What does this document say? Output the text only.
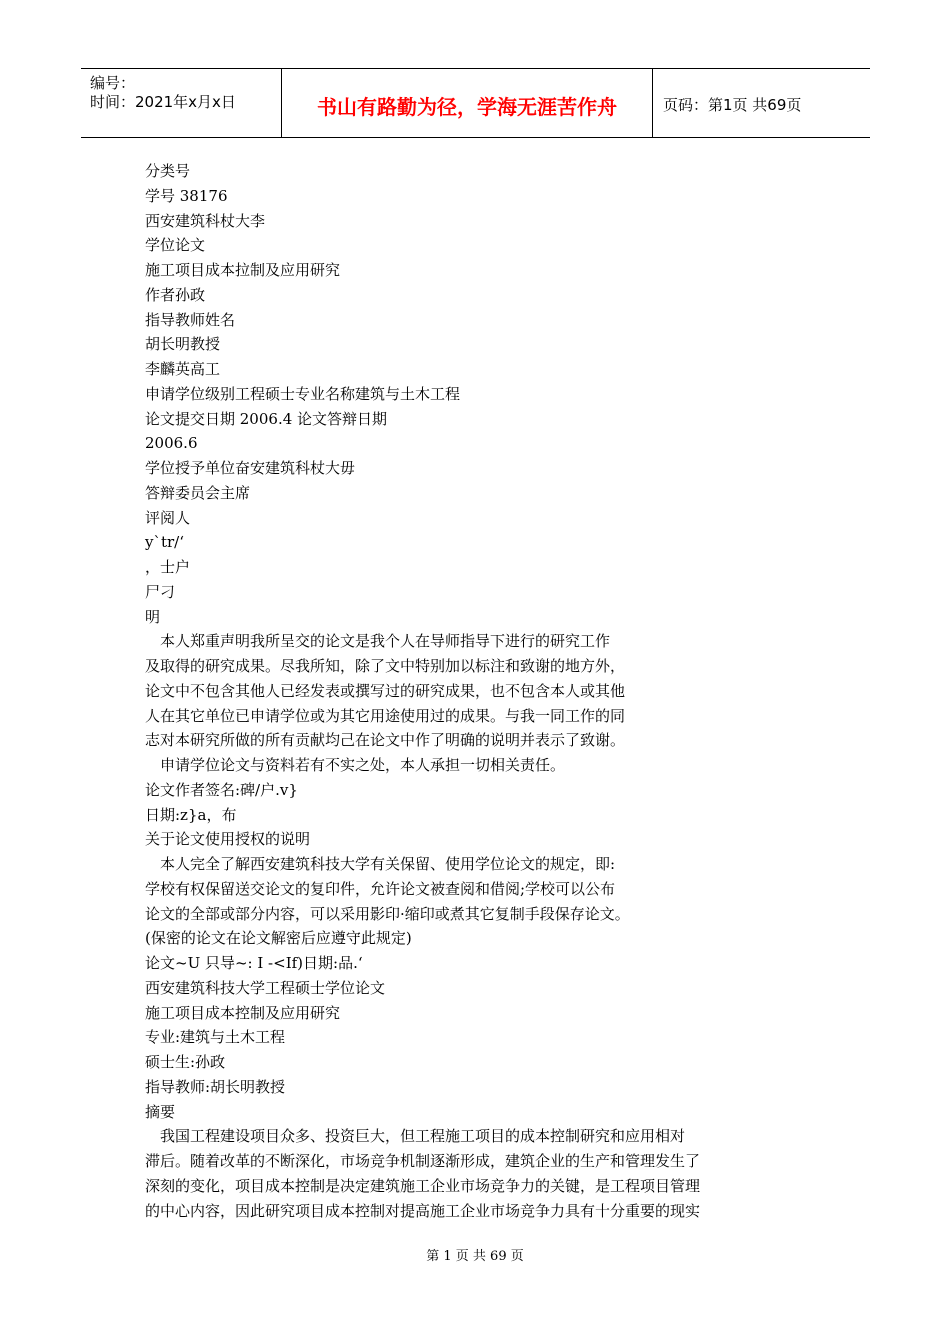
编号：
时间：2021年x月x日	书山有路勤为径，学海无涯苦作舟	页码：第1页 共69页
分类号
学号 38176
西安建筑科杖大李
学位论文
施工项目成本拉制及应用研究
作者孙政
指导教师姓名
胡长明教授
李麟英高工
申请学位级别工程硕士专业名称建筑与土木工程
论文提交日期 2006.4 论文答辩日期
2006.6
学位授予单位奋安建筑科杖大毋
答辩委员会主席
评阅人
y`tr/‘
，士户
尸刁
明
本人郑重声明我所呈交的论文是我个人在导师指导下进行的研究工作
及取得的研究成果。尽我所知，除了文中特别加以标注和致谢的地方外，
论文中不包含其他人已经发表或撰写过的研究成果，也不包含本人或其他
人在其它单位已申请学位或为其它用途使用过的成果。与我一同工作的同
志对本研究所做的所有贡献均己在论文中作了明确的说明并表示了致谢。
申请学位论文与资料若有不实之处，本人承担一切相关责任。
论文作者签名:碑/户.v}
日期:z}a，布
关于论文使用授权的说明
本人完全了解西安建筑科技大学有关保留、使用学位论文的规定，即:
学校有权保留送交论文的复印件，允许论文被查阅和借阅;学校可以公布
论文的全部或部分内容，可以采用影印·缩印或煮其它复制手段保存论文。
(保密的论文在论文解密后应遵守此规定)
论文~U 只导~: I -<If)日期:品.‘
西安建筑科技大学工程硕士学位论文
施工项目成本控制及应用研究
专业:建筑与土木工程
硕士生:孙政
指导教师:胡长明教授
摘要
我国工程建设项目众多、投资巨大，但工程施工项目的成本控制研究和应用相对
滞后。随着改革的不断深化，市场竞争机制逐渐形成，建筑企业的生产和管理发生了
深刻的变化，项目成本控制是决定建筑施工企业市场竞争力的关键，是工程项目管理
的中心内容，因此研究项目成本控制对提高施工企业市场竞争力具有十分重要的现实
第 1 页 共 69 页
